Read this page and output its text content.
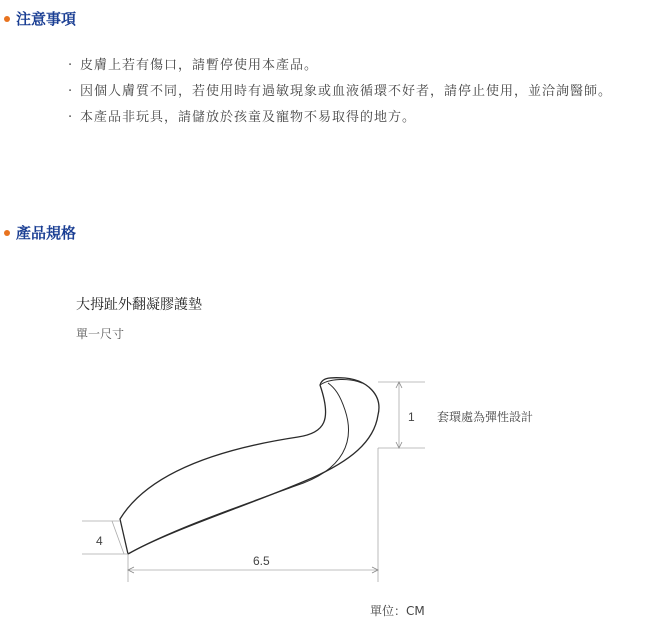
注意事項
· 皮膚上若有傷口，請暫停使用本產品。
· 因個人膚質不同，若使用時有過敏現象或血液循環不好者，請停止使用，並洽詢醫師。
· 本產品非玩具，請儲放於孩童及寵物不易取得的地方。
產品規格
大拇趾外翻凝膠護墊
單一尺寸
1 套環處為彈性設計
4
6.5
單位：CM
